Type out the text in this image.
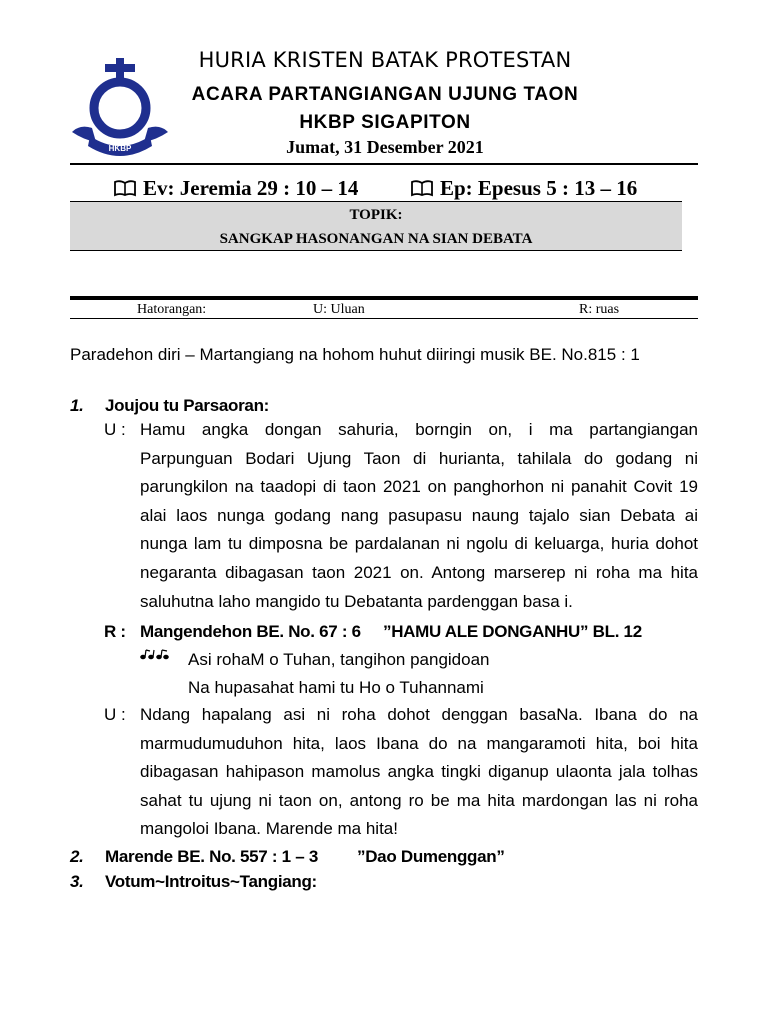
HKBP
HURIA KRISTEN BATAK PROTESTAN
ACARA PARTANGIANGAN UJUNG TAON
HKBP SIGAPITON
Jumat, 31 Desember 2021
Ev: Jeremia 29 : 10 – 14	Ep: Epesus 5 : 13 – 16
TOPIK:
SANGKAP HASONANGAN NA SIAN DEBATA
Hatorangan:	U: Uluan	R: ruas
Paradehon diri – Martangiang na hohom huhut diiringi musik BE. No.815 : 1
1. Joujou tu Parsaoran:
U : Hamu angka dongan sahuria, borngin on, i ma partangiangan
Parpunguan Bodari Ujung Taon di hurianta, tahilala do godang ni
parungkilon na taadopi di taon 2021 on panghorhon ni panahit Covit 19
alai laos nunga godang nang pasupasu naung tajalo sian Debata ai
nunga lam tu dimposna be pardalanan ni ngolu di keluarga, huria dohot
negaranta dibagasan taon 2021 on. Antong marserep ni roha ma hita
saluhutna laho mangido tu Debatanta pardenggan basa i.
R : Mangendehon BE. No. 67 : 6 ”HAMU ALE DONGANHU” BL. 12
Asi rohaM o Tuhan, tangihon pangidoan
Na hupasahat hami tu Ho o Tuhannami
U : Ndang hapalang asi ni roha dohot denggan basaNa. Ibana do na
marmudumuduhon hita, laos Ibana do na mangaramoti hita, boi hita
dibagasan hahipason mamolus angka tingki diganup ulaonta jala tolhas
sahat tu ujung ni taon on, antong ro be ma hita mardongan las ni roha
mangoloi Ibana. Marende ma hita!
2. Marende BE. No. 557 : 1 – 3 ”Dao Dumenggan”
3. Votum~Introitus~Tangiang:
